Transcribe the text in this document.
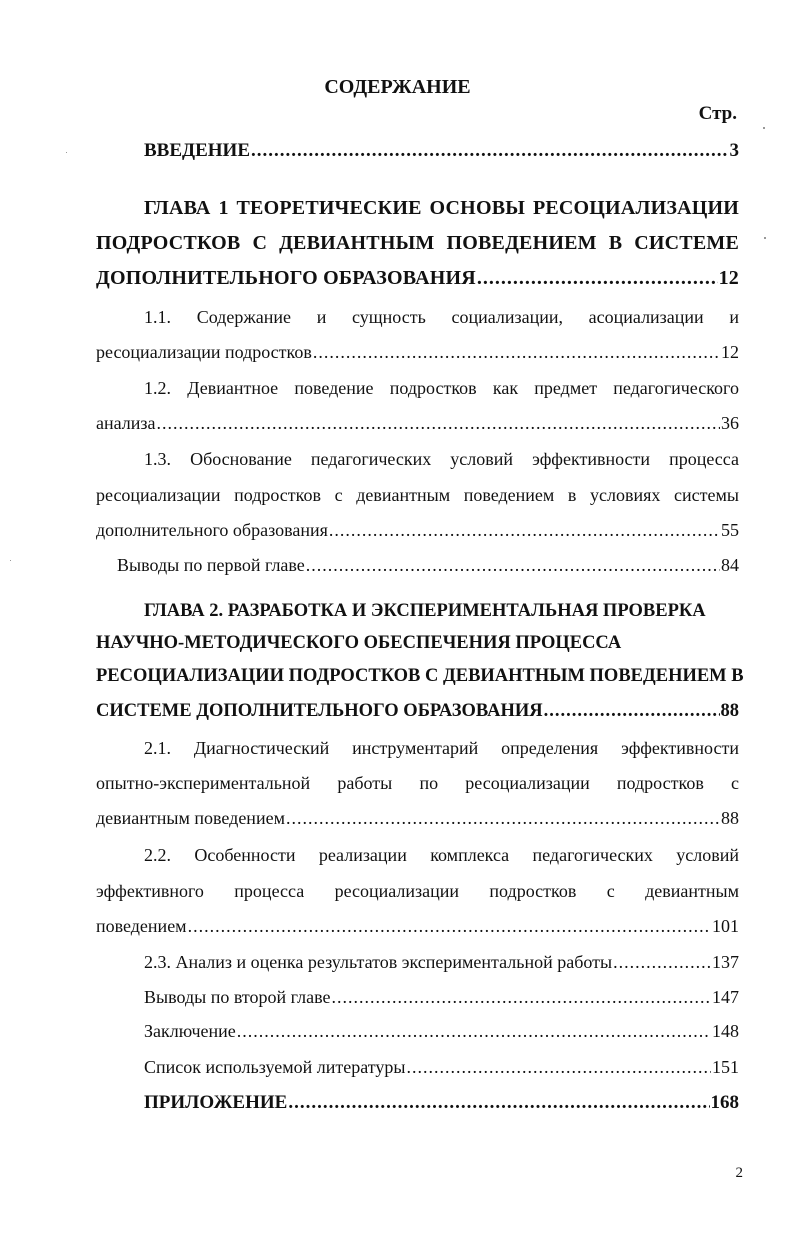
СОДЕРЖАНИЕ
Стр.
ВВЕДЕНИЕ .....	3
ГЛАВА 1 ТЕОРЕТИЧЕСКИЕ ОСНОВЫ РЕСОЦИАЛИЗАЦИИ
ПОДРОСТКОВ С ДЕВИАНТНЫМ ПОВЕДЕНИЕМ В СИСТЕМЕ
ДОПОЛНИТЕЛЬНОГО ОБРАЗОВАНИЯ .....	12
1.1. Содержание и сущность социализации, асоциализации и
ресоциализации подростков .....	12
1.2. Девиантное поведение подростков как предмет педагогического
анализа .....	36
1.3. Обоснование педагогических условий эффективности процесса
ресоциализации подростков с девиантным поведением в условиях системы
дополнительного образования .....	55
Выводы по первой главе .....	84
ГЛАВА 2. РАЗРАБОТКА И ЭКСПЕРИМЕНТАЛЬНАЯ ПРОВЕРКА
НАУЧНО-МЕТОДИЧЕСКОГО ОБЕСПЕЧЕНИЯ ПРОЦЕССА
РЕСОЦИАЛИЗАЦИИ ПОДРОСТКОВ С ДЕВИАНТНЫМ ПОВЕДЕНИЕМ В
СИСТЕМЕ ДОПОЛНИТЕЛЬНОГО ОБРАЗОВАНИЯ .....	88
2.1. Диагностический инструментарий определения эффективности
опытно-экспериментальной работы по ресоциализации подростков с
девиантным поведением .....	88
2.2. Особенности реализации комплекса педагогических условий
эффективного процесса ресоциализации подростков с девиантным
поведением .....	101
2.3. Анализ и оценка результатов экспериментальной работы .....	137
Выводы по второй главе .....	147
Заключение .....	148
Список используемой литературы .....	151
ПРИЛОЖЕНИЕ .....	168
2
